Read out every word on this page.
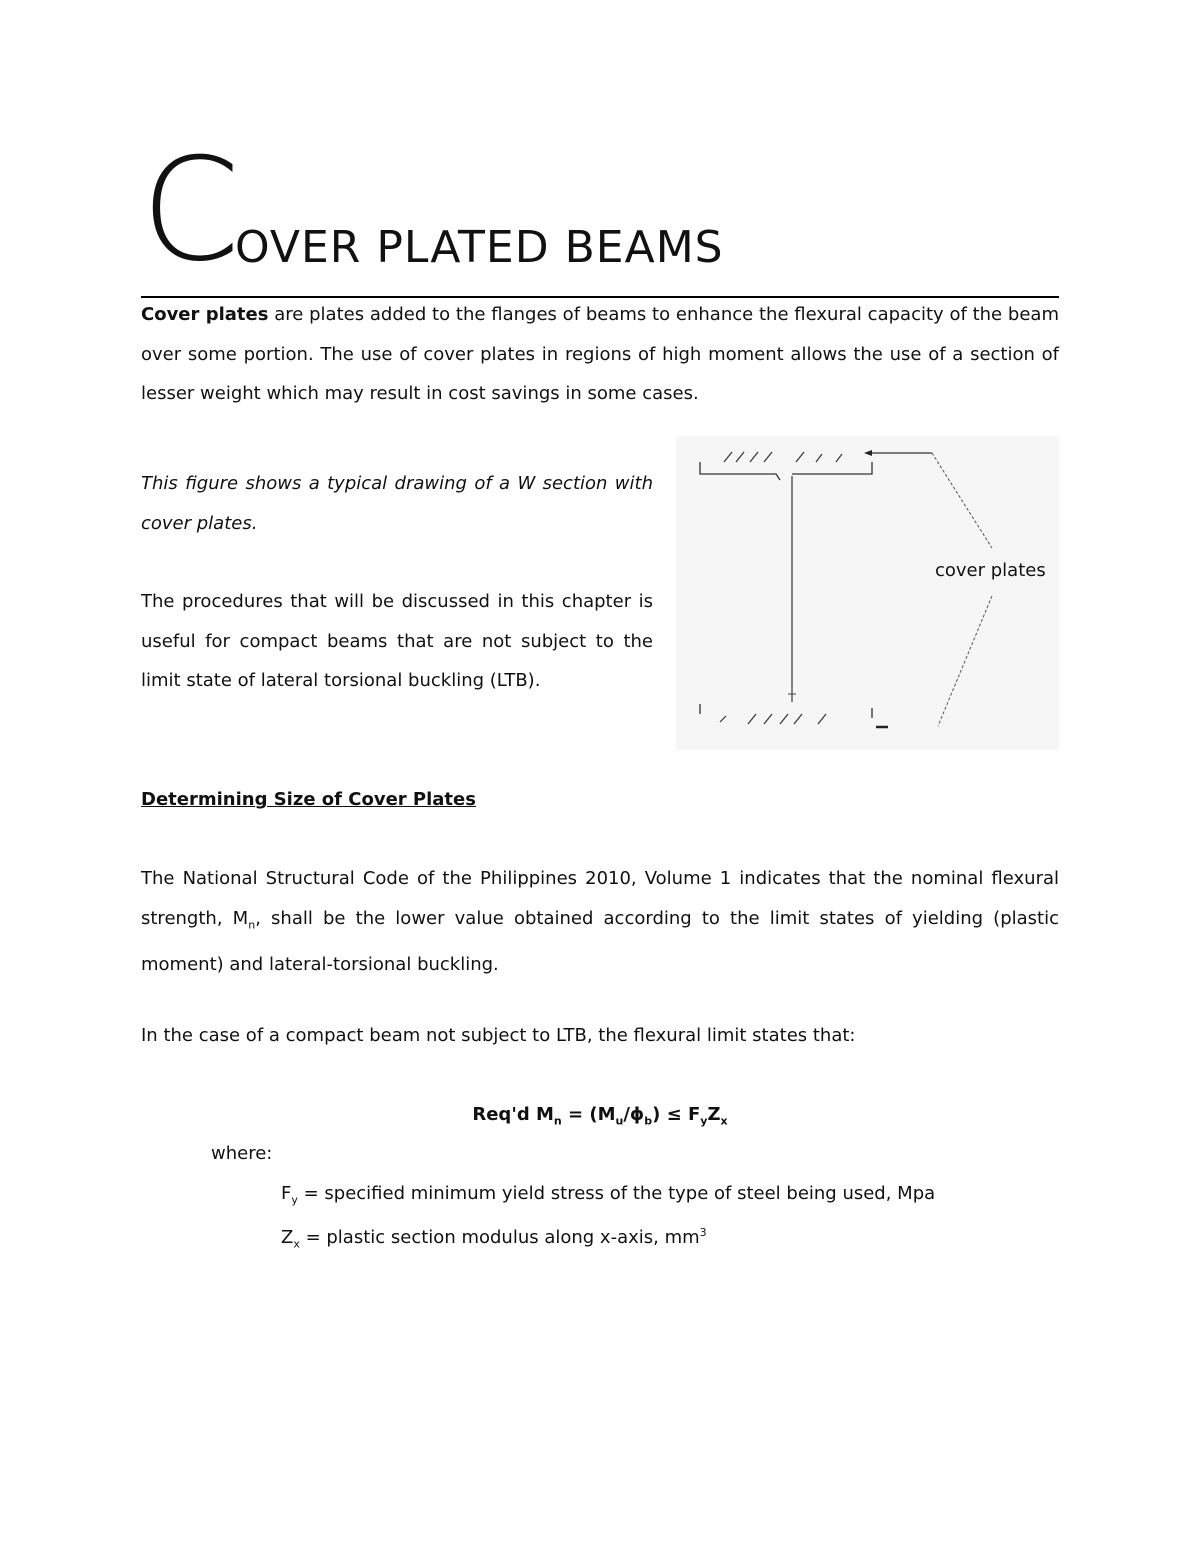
C
OVER PLATED BEAMS
Cover plates are plates added to the flanges of beams to enhance the flexural capacity of the beam over some portion. The use of cover plates in regions of high moment allows the use of a section of lesser weight which may result in cost savings in some cases.
This figure shows a typical drawing of a W section with cover plates.
The procedures that will be discussed in this chapter is useful for compact beams that are not subject to the limit state of lateral torsional buckling (LTB).
cover plates
Determining Size of Cover Plates
The National Structural Code of the Philippines 2010, Volume 1 indicates that the nominal flexural strength, $M_n$, shall be the lower value obtained according to the limit states of yielding (plastic moment) and lateral-torsional buckling.
In the case of a compact beam not subject to LTB, the flexural limit states that:
Req'd $M_n = (M_u/\phi_b) \le F_yZ_x$
where:
$F_y$ = specified minimum yield stress of the type of steel being used, Mpa
$Z_x$ = plastic section modulus along x-axis, $mm^3$
